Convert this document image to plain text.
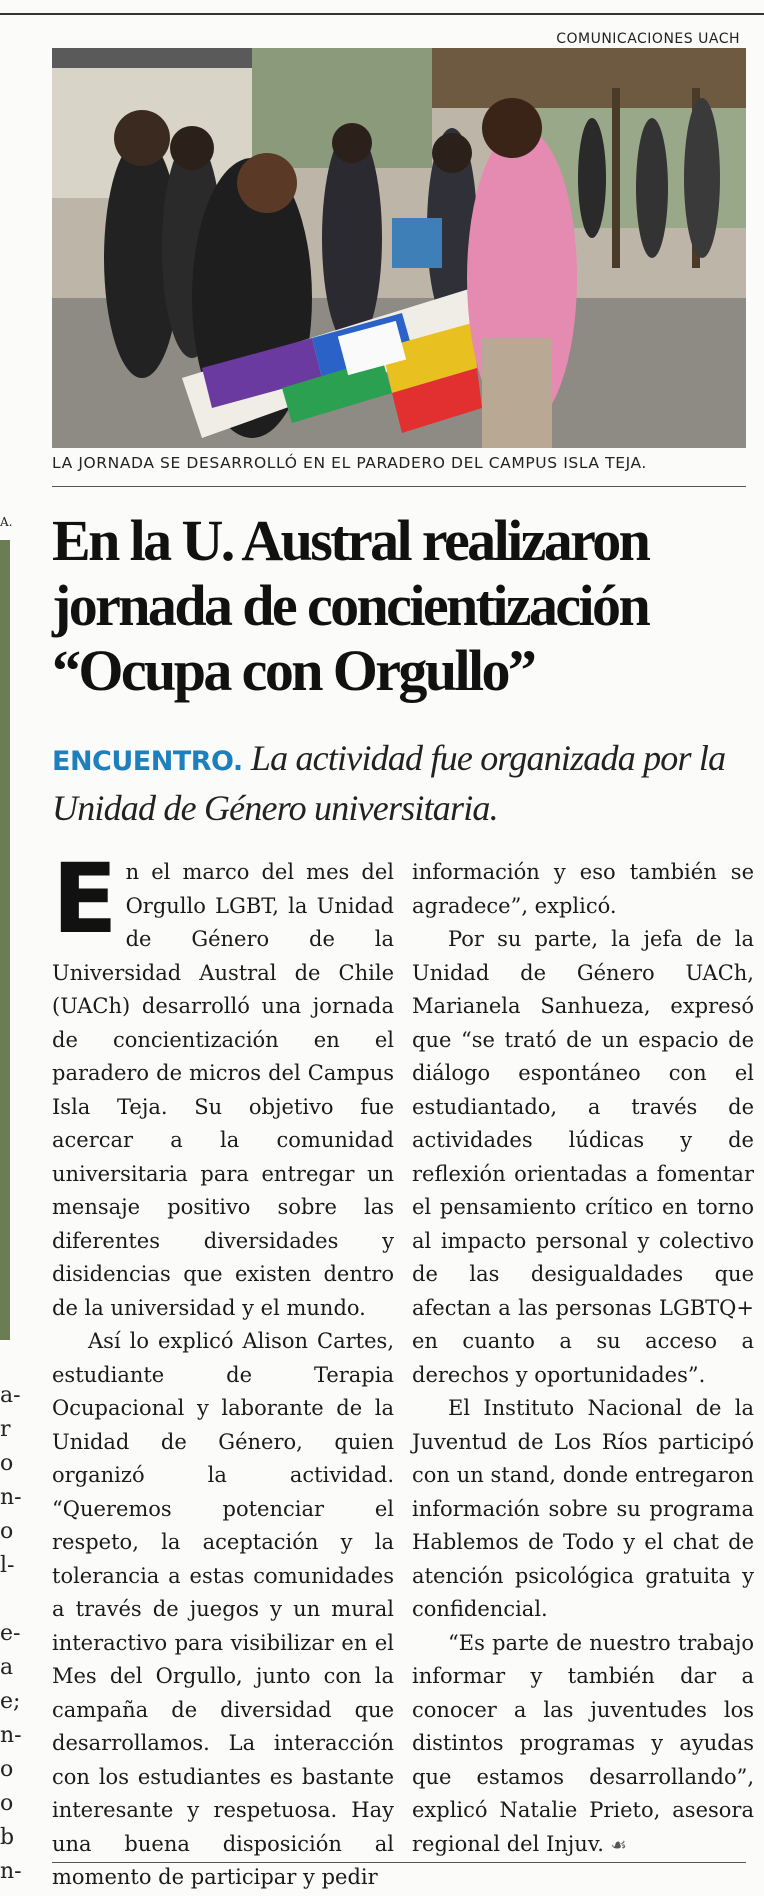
COMUNICACIONES UACH
LA JORNADA SE DESARROLLÓ EN EL PARADERO DEL CAMPUS ISLA TEJA.
A.
a-
r
o
n-
o
l-
e-
a
e;
n-
o
o
b
n-
En la U. Austral realizaron jornada de concientización “Ocupa con Orgullo”

ENCUENTRO. La actividad fue organizada por la Unidad de Género universitaria.

En el marco del mes del Orgullo LGBT, la Unidad de Género de la Universidad Austral de Chile (UACh) desarrolló una jornada de concientización en el paradero de micros del Campus Isla Teja. Su objetivo fue acercar a la comunidad universitaria para entregar un mensaje positivo sobre las diferentes diversidades y disidencias que existen dentro de la universidad y el mundo.

Así lo explicó Alison Cartes, estudiante de Terapia Ocupacional y laborante de la Unidad de Género, quien organizó la actividad. “Queremos potenciar el respeto, la aceptación y la tolerancia a estas comunidades a través de juegos y un mural interactivo para visibilizar en el Mes del Orgullo, junto con la campaña de diversidad que desarrollamos. La interacción con los estudiantes es bastante interesante y respetuosa. Hay una buena disposición al momento de participar y pedir

información y eso también se agradece”, explicó.

Por su parte, la jefa de la Unidad de Género UACh, Marianela Sanhueza, expresó que “se trató de un espacio de diálogo espontáneo con el estudiantado, a través de actividades lúdicas y de reflexión orientadas a fomentar el pensamiento crítico en torno al impacto personal y colectivo de las desigualdades que afectan a las personas LGBTQ+ en cuanto a su acceso a derechos y oportunidades”.

El Instituto Nacional de la Juventud de Los Ríos participó con un stand, donde entregaron información sobre su programa Hablemos de Todo y el chat de atención psicológica gratuita y confidencial.

“Es parte de nuestro trabajo informar y también dar a conocer a las juventudes los distintos programas y ayudas que estamos desarrollando”, explicó Natalie Prieto, asesora regional del Injuv. ☙
